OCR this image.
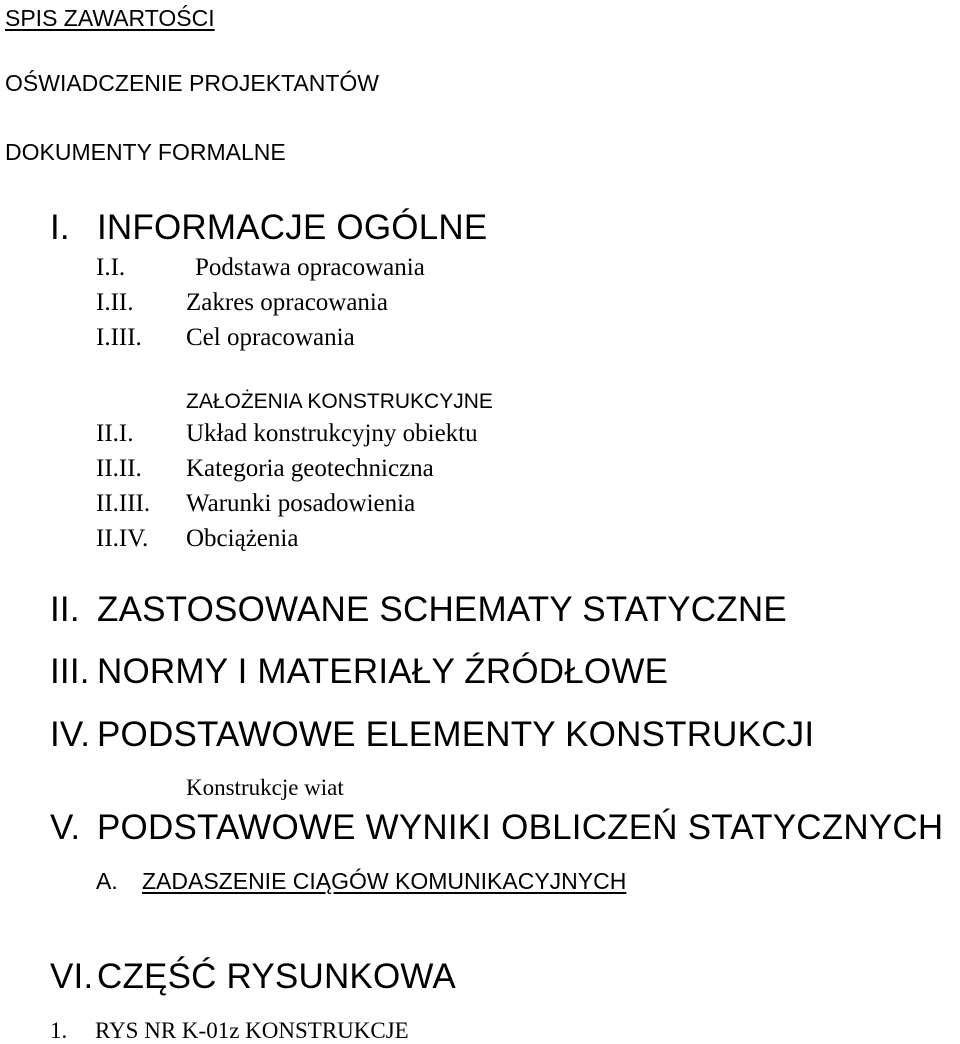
SPIS ZAWARTOŚCI
OŚWIADCZENIE PROJEKTANTÓW
DOKUMENTY FORMALNE
I. INFORMACJE OGÓLNE
I.I.	Podstawa opracowania
I.II. Zakres opracowania
I.III. Cel opracowania
ZAŁOŻENIA KONSTRUKCYJNE
II.I. Układ konstrukcyjny obiektu
II.II. Kategoria geotechniczna
II.III. Warunki posadowienia
II.IV. Obciążenia
II. ZASTOSOWANE SCHEMATY STATYCZNE
III. NORMY I MATERIAŁY ŹRÓDŁOWE
IV. PODSTAWOWE ELEMENTY KONSTRUKCJI
Konstrukcje wiat
V. PODSTAWOWE WYNIKI OBLICZEŃ STATYCZNYCH
A. ZADASZENIE CIĄGÓW KOMUNIKACYJNYCH
VI. CZĘŚĆ RYSUNKOWA
1. RYS NR K-01z KONSTRUKCJE
